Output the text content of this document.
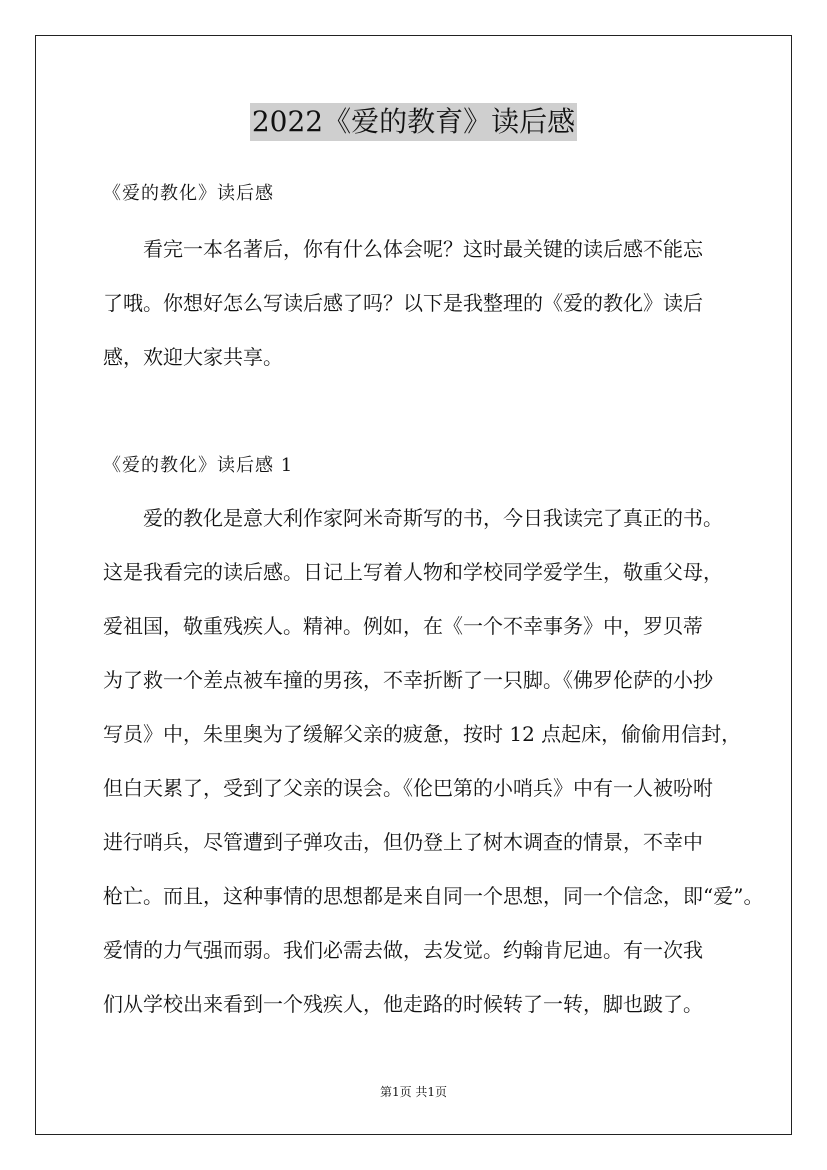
2022《爱的教育》读后感
《爱的教化》读后感
看完一本名著后，你有什么体会呢？这时最关键的读后感不能忘
了哦。你想好怎么写读后感了吗？以下是我整理的《爱的教化》读后
感，欢迎大家共享。
《爱的教化》读后感 1
爱的教化是意大利作家阿米奇斯写的书，今日我读完了真正的书。
这是我看完的读后感。日记上写着人物和学校同学爱学生，敬重父母，
爱祖国，敬重残疾人。精神。例如，在《一个不幸事务》中，罗贝蒂
为了救一个差点被车撞的男孩，不幸折断了一只脚。《佛罗伦萨的小抄
写员》中，朱里奥为了缓解父亲的疲惫，按时 12 点起床，偷偷用信封，
但白天累了，受到了父亲的误会。《伦巴第的小哨兵》中有一人被吩咐
进行哨兵，尽管遭到子弹攻击，但仍登上了树木调查的情景，不幸中
枪亡。而且，这种事情的思想都是来自同一个思想，同一个信念，即“爱”。
爱情的力气强而弱。我们必需去做，去发觉。约翰肯尼迪。有一次我
们从学校出来看到一个残疾人，他走路的时候转了一转，脚也跛了。
第1页 共1页
